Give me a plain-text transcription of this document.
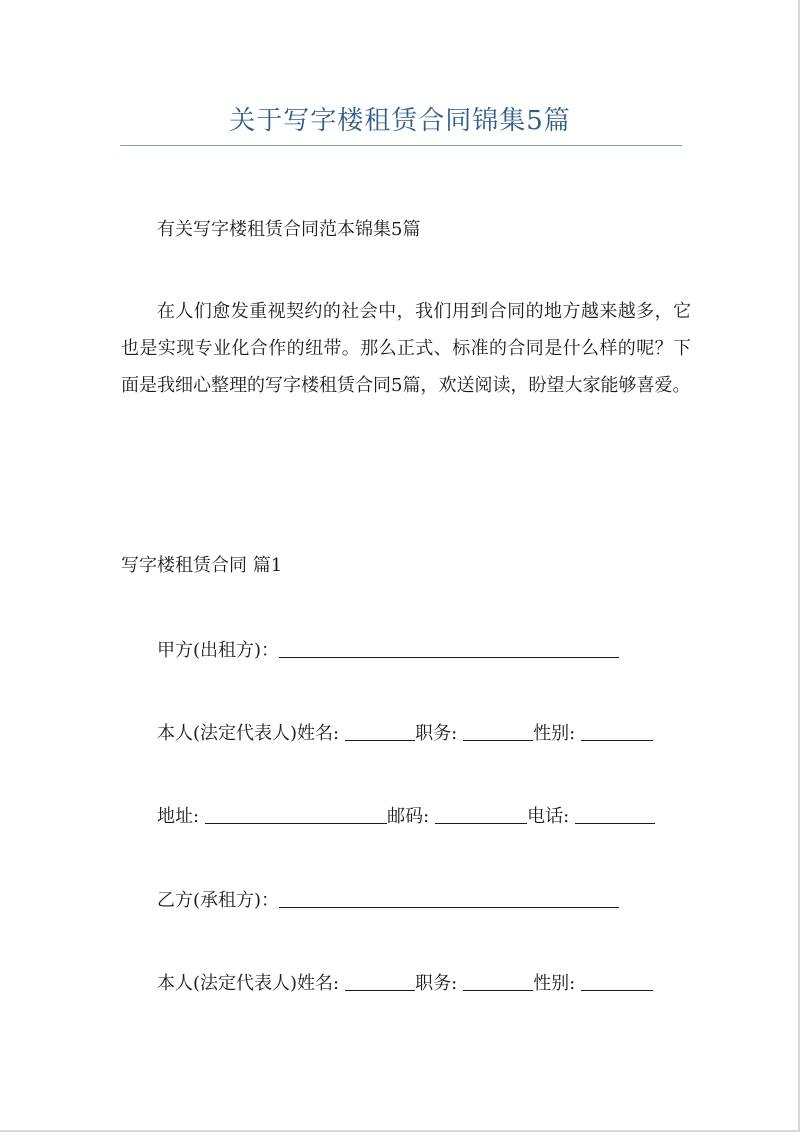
关于写字楼租赁合同锦集5篇
有关写字楼租赁合同范本锦集5篇
在人们愈发重视契约的社会中，我们用到合同的地方越来越多，它也是实现专业化合作的纽带。那么正式、标准的合同是什么样的呢？下面是我细心整理的写字楼租赁合同5篇，欢送阅读，盼望大家能够喜爱。
写字楼租赁合同 篇1
甲方(出租方)：
本人(法定代表人)姓名:	职务:	性别:
地址:	邮码:	电话:
乙方(承租方)：
本人(法定代表人)姓名:	职务:	性别:
